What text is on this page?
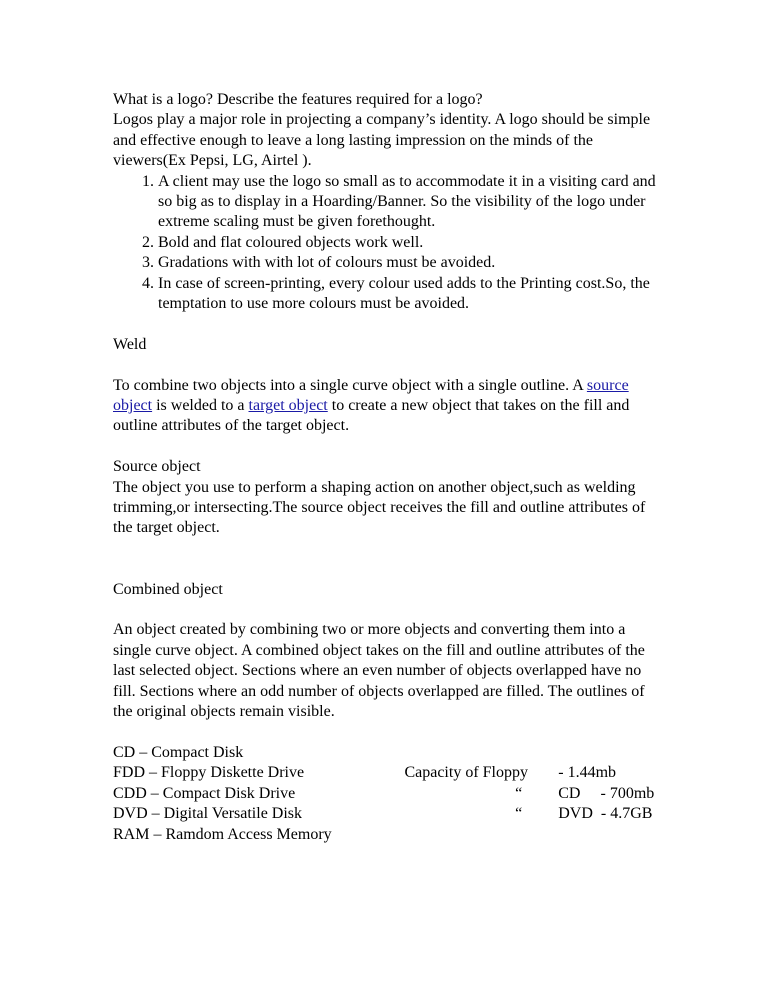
What is a logo? Describe the features required for a logo?

Logos play a major role in projecting a company’s identity. A logo should be simple and effective enough to leave a long lasting impression on the minds of the viewers(Ex Pepsi, LG, Airtel ).

1. A client may use the logo so small as to accommodate it in a visiting card and so big as to display in a Hoarding/Banner. So the visibility of the logo under extreme scaling must be given forethought.
2. Bold and flat coloured objects work well.
3. Gradations with with lot of colours must be avoided.
4. In case of screen-printing, every colour used adds to the Printing cost.So, the temptation to use more colours must be avoided.

Weld

To combine two objects into a single curve object with a single outline. A source object is welded to a target object to create a new object that takes on the fill and outline attributes of the target object.

Source object

The object you use to perform a shaping action on another object,such as welding trimming,or intersecting.The source object receives the fill and outline attributes of the target object.

Combined object

An object created by combining two or more objects and converting them into a single curve object. A combined object takes on the fill and outline attributes of the last selected object. Sections where an even number of objects overlapped have no fill. Sections where an odd number of objects overlapped are filled. The outlines of the original objects remain visible.

CD – Compact Disk		
FDD – Floppy Diskette Drive	Capacity of Floppy	- 1.44mb
CDD – Compact Disk Drive	“	CD - 700mb
DVD – Digital Versatile Disk	“	DVD - 4.7GB
RAM – Ramdom Access Memory		
